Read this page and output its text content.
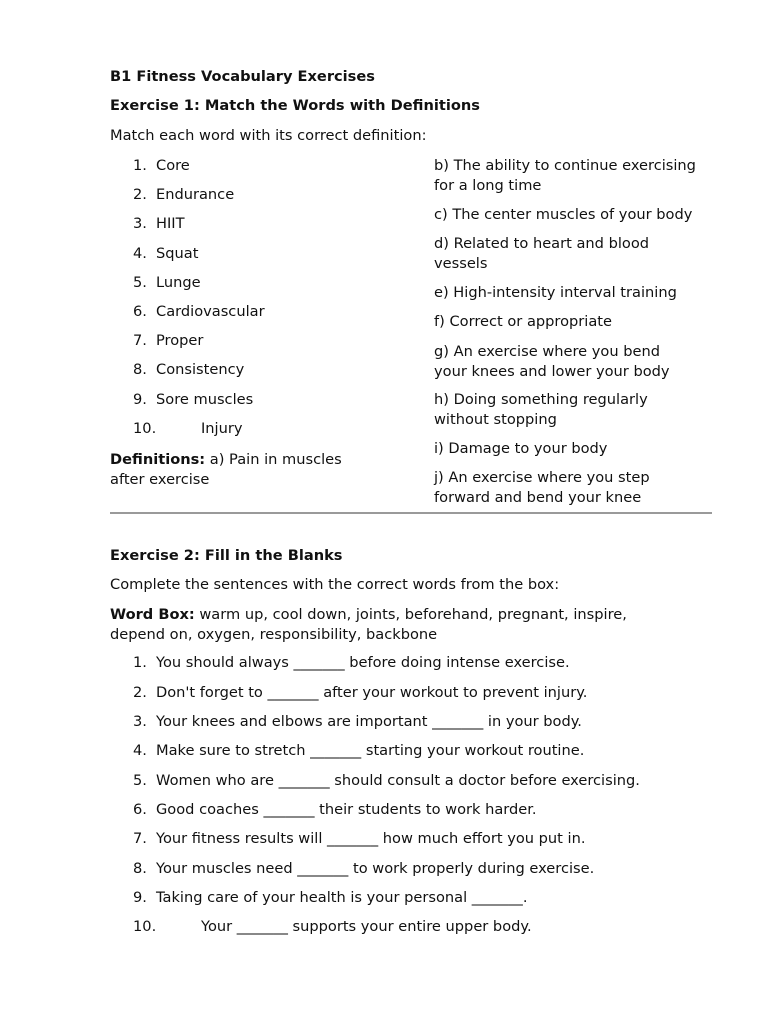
B1 Fitness Vocabulary Exercises
Exercise 1: Match the Words with Definitions
Match each word with its correct definition:
1. Core
2. Endurance
3. HIIT
4. Squat
5. Lunge
6. Cardiovascular
7. Proper
8. Consistency
9. Sore muscles
10.	Injury
Definitions: a) Pain in muscles
after exercise
b) The ability to continue exercising
for a long time
c) The center muscles of your body
d) Related to heart and blood
vessels
e) High-intensity interval training
f) Correct or appropriate
g) An exercise where you bend
your knees and lower your body
h) Doing something regularly
without stopping
i) Damage to your body
j) An exercise where you step
forward and bend your knee
Exercise 2: Fill in the Blanks
Complete the sentences with the correct words from the box:
Word Box: warm up, cool down, joints, beforehand, pregnant, inspire,
depend on, oxygen, responsibility, backbone
1. You should always _______ before doing intense exercise.
2. Don't forget to _______ after your workout to prevent injury.
3. Your knees and elbows are important _______ in your body.
4. Make sure to stretch _______ starting your workout routine.
5. Women who are _______ should consult a doctor before exercising.
6. Good coaches _______ their students to work harder.
7. Your fitness results will _______ how much effort you put in.
8. Your muscles need _______ to work properly during exercise.
9. Taking care of your health is your personal _______.
10.	Your _______ supports your entire upper body.
